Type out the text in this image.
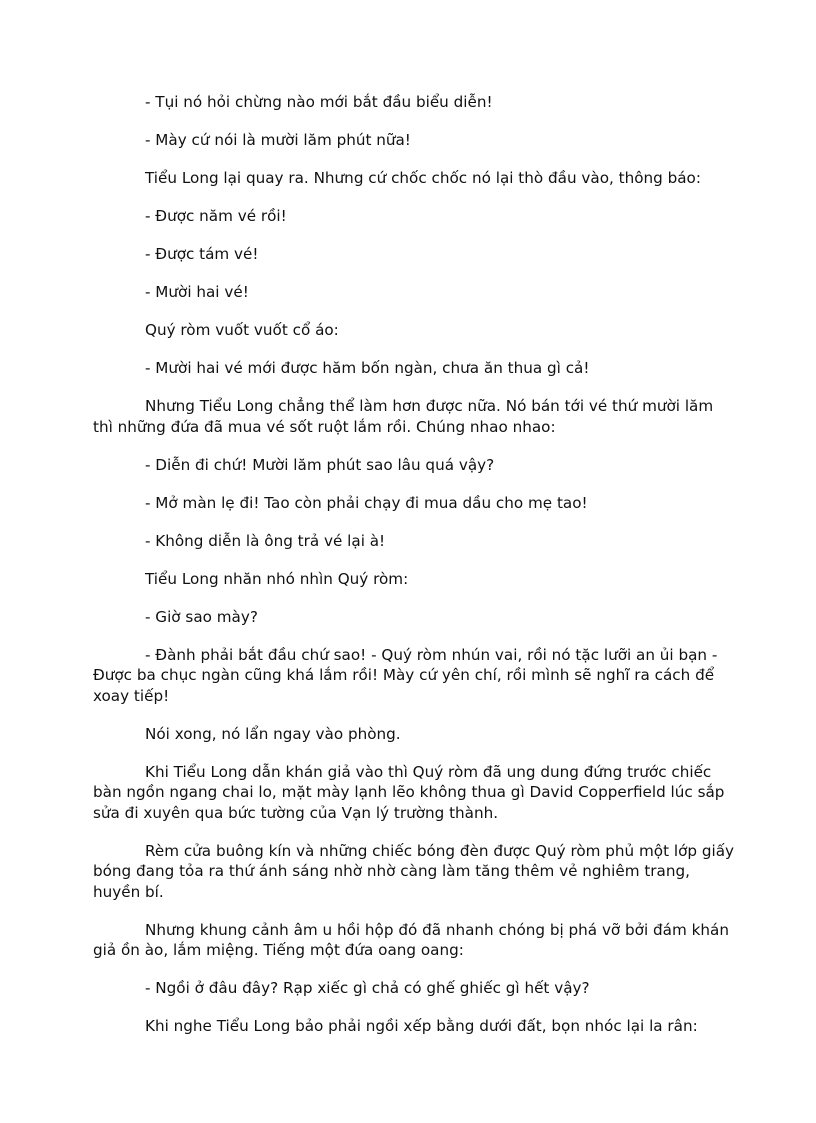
- Tụi nó hỏi chừng nào mới bắt đầu biểu diễn!

- Mày cứ nói là mười lăm phút nữa!

Tiểu Long lại quay ra. Nhưng cứ chốc chốc nó lại thò đầu vào, thông báo:

- Được năm vé rồi!

- Được tám vé!

- Mười hai vé!

Quý ròm vuốt vuốt cổ áo:

- Mười hai vé mới được hăm bốn ngàn, chưa ăn thua gì cả!

Nhưng Tiểu Long chẳng thể làm hơn được nữa. Nó bán tới vé thứ mười lăm
thì những đứa đã mua vé sốt ruột lắm rồi. Chúng nhao nhao:

- Diễn đi chứ! Mười lăm phút sao lâu quá vậy?

- Mở màn lẹ đi! Tao còn phải chạy đi mua dầu cho mẹ tao!

- Không diễn là ông trả vé lại à!

Tiểu Long nhăn nhó nhìn Quý ròm:

- Giờ sao mày?

- Đành phải bắt đầu chứ sao! - Quý ròm nhún vai, rồi nó tặc lưỡi an ủi bạn -
Được ba chục ngàn cũng khá lắm rồi! Mày cứ yên chí, rồi mình sẽ nghĩ ra cách để
xoay tiếp!

Nói xong, nó lẩn ngay vào phòng.

Khi Tiểu Long dẫn khán giả vào thì Quý ròm đã ung dung đứng trước chiếc
bàn ngồn ngang chai lo, mặt mày lạnh lẽo không thua gì David Copperfield lúc sắp
sửa đi xuyên qua bức tường của Vạn lý trường thành.

Rèm cửa buông kín và những chiếc bóng đèn được Quý ròm phủ một lớp giấy
bóng đang tỏa ra thứ ánh sáng nhờ nhờ càng làm tăng thêm vẻ nghiêm trang,
huyền bí.

Nhưng khung cảnh âm u hồi hộp đó đã nhanh chóng bị phá vỡ bởi đám khán
giả ồn ào, lắm miệng. Tiếng một đứa oang oang:

- Ngồi ở đâu đây? Rạp xiếc gì chả có ghế ghiếc gì hết vậy?

Khi nghe Tiểu Long bảo phải ngồi xếp bằng dưới đất, bọn nhóc lại la rân:
